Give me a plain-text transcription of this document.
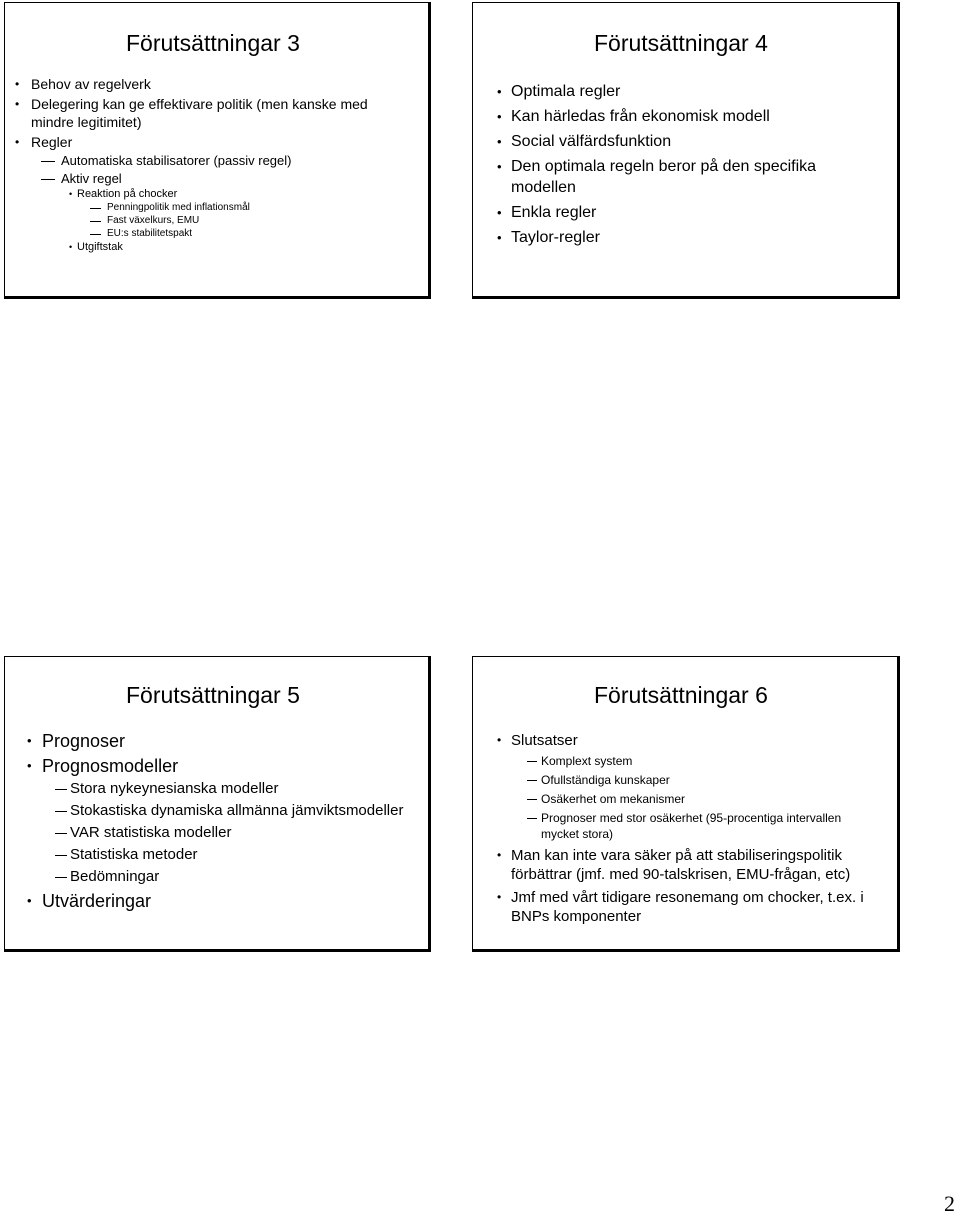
Förutsättningar 3
• Behov av regelverk
• Delegering kan ge effektivare politik (men kanske med mindre legitimitet)
• Regler
Automatiska stabilisatorer (passiv regel)
Aktiv regel
• Reaktion på chocker
Penningpolitik med inflationsmål
Fast växelkurs, EMU
EU:s stabilitetspakt
• Utgiftstak
Förutsättningar 4
• Optimala regler
• Kan härledas från ekonomisk modell
• Social välfärdsfunktion
• Den optimala regeln beror på den specifika modellen
• Enkla regler
• Taylor-regler
Förutsättningar 5
• Prognoser
• Prognosmodeller
Stora nykeynesianska modeller
Stokastiska dynamiska allmänna jämviktsmodeller
VAR statistiska modeller
Statistiska metoder
Bedömningar
• Utvärderingar
Förutsättningar 6
• Slutsatser
Komplext system
Ofullständiga kunskaper
Osäkerhet om mekanismer
Prognoser med stor osäkerhet (95-procentiga intervallen mycket stora)
• Man kan inte vara säker på att stabiliseringspolitik förbättrar (jmf. med 90-talskrisen, EMU-frågan, etc)
• Jmf med vårt tidigare resonemang om chocker, t.ex. i BNPs komponenter
2
